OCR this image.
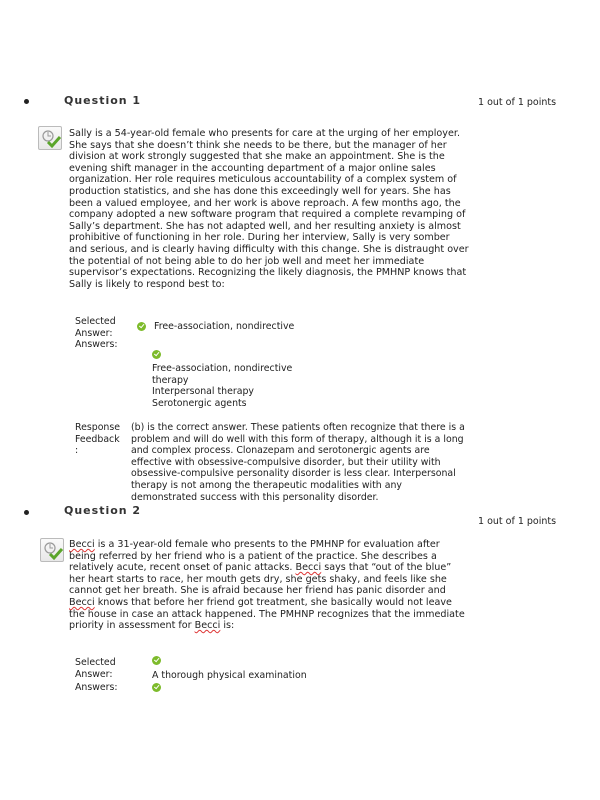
Question 1	1 out of 1 points
Sally is a 54-year-old female who presents for care at the urging of her employer.
She says that she doesn’t think she needs to be there, but the manager of her
division at work strongly suggested that she make an appointment. She is the
evening shift manager in the accounting department of a major online sales
organization. Her role requires meticulous accountability of a complex system of
production statistics, and she has done this exceedingly well for years. She has
been a valued employee, and her work is above reproach. A few months ago, the
company adopted a new software program that required a complete revamping of
Sally’s department. She has not adapted well, and her resulting anxiety is almost
prohibitive of functioning in her role. During her interview, Sally is very somber
and serious, and is clearly having difficulty with this change. She is distraught over
the potential of not being able to do her job well and meet her immediate
supervisor’s expectations. Recognizing the likely diagnosis, the PMHNP knows that
Sally is likely to respond best to:
Selected
Answer:
Free-association, nondirective
Answers:
Free-association, nondirective
therapy
Interpersonal therapy
Serotonergic agents
Response
Feedback
:
(b) is the correct answer. These patients often recognize that there is a
problem and will do well with this form of therapy, although it is a long
and complex process. Clonazepam and serotonergic agents are
effective with obsessive-compulsive disorder, but their utility with
obsessive-compulsive personality disorder is less clear. Interpersonal
therapy is not among the therapeutic modalities with any
demonstrated success with this personality disorder.
Question 2
1 out of 1 points
Becci is a 31-year-old female who presents to the PMHNP for evaluation after
being referred by her friend who is a patient of the practice. She describes a
relatively acute, recent onset of panic attacks. Becci says that “out of the blue”
her heart starts to race, her mouth gets dry, she gets shaky, and feels like she
cannot get her breath. She is afraid because her friend has panic disorder and
Becci knows that before her friend got treatment, she basically would not leave
the house in case an attack happened. The PMHNP recognizes that the immediate
priority in assessment for Becci is:
Selected
Answer:	A thorough physical examination
Answers:
